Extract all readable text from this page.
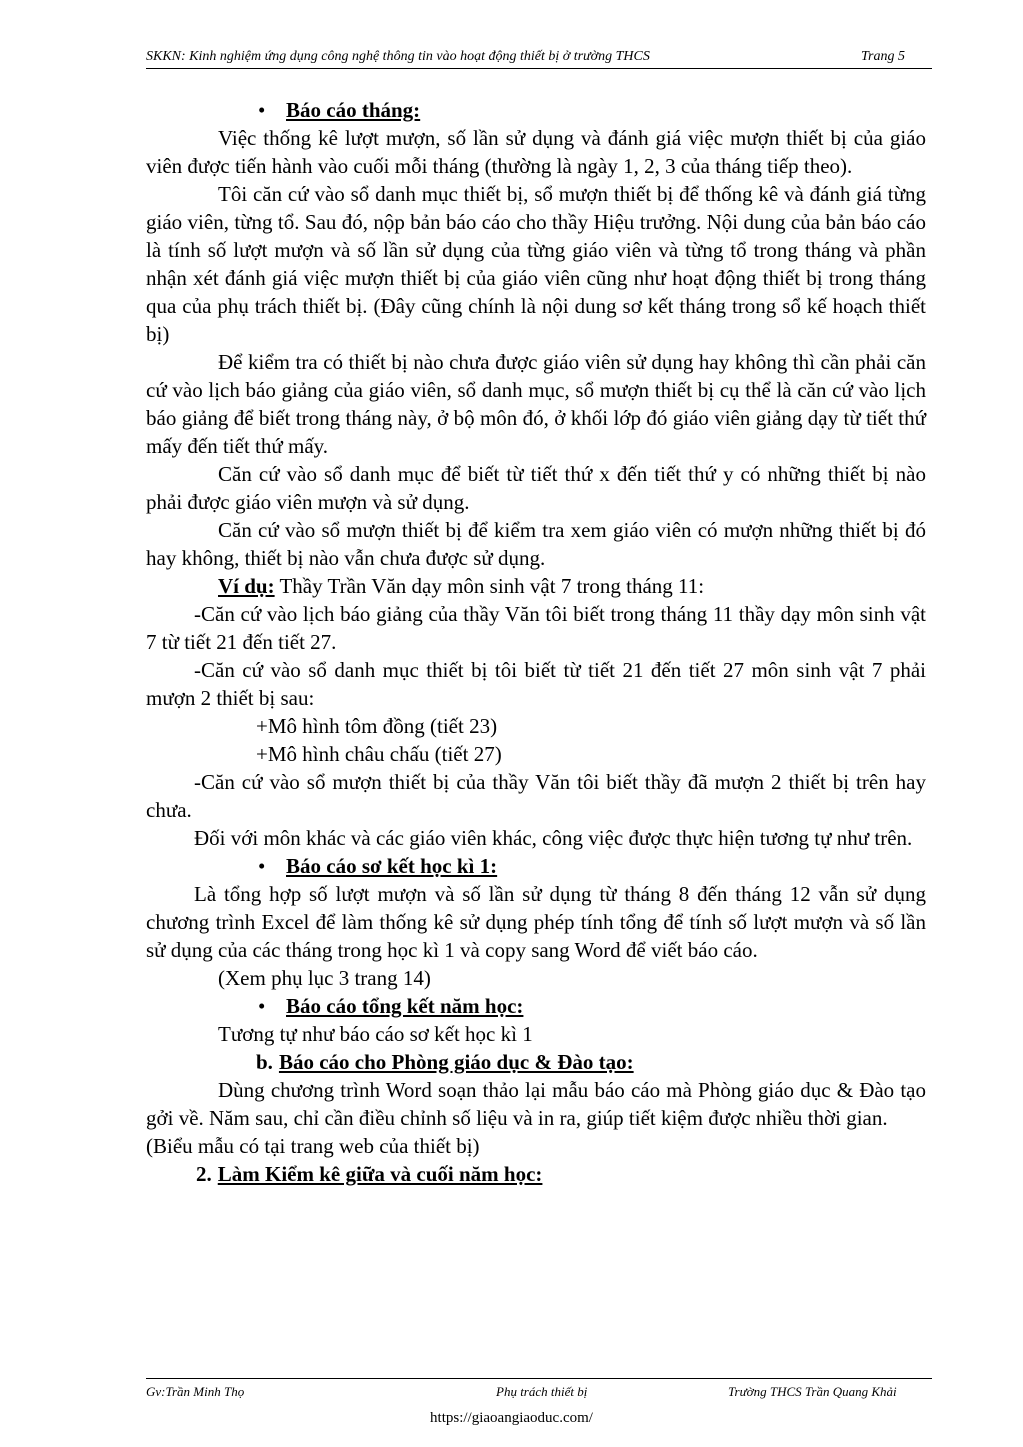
SKKN: Kinh nghiệm ứng dụng công nghệ thông tin vào hoạt động thiết bị ở trường THCS	Trang 5

• Báo cáo tháng:

Việc thống kê lượt mượn, số lần sử dụng và đánh giá việc mượn thiết bị của giáo viên được tiến hành vào cuối mỗi tháng (thường là ngày 1, 2, 3 của tháng tiếp theo).

Tôi căn cứ vào sổ danh mục thiết bị, sổ mượn thiết bị để thống kê và đánh giá từng giáo viên, từng tổ. Sau đó, nộp bản báo cáo cho thầy Hiệu trưởng. Nội dung của bản báo cáo là tính số lượt mượn và số lần sử dụng của từng giáo viên và từng tổ trong tháng và phần nhận xét đánh giá việc mượn thiết bị của giáo viên cũng như hoạt động thiết bị trong tháng qua của phụ trách thiết bị. (Đây cũng chính là nội dung sơ kết tháng trong sổ kế hoạch thiết bị)

Để kiểm tra có thiết bị nào chưa được giáo viên sử dụng hay không thì cần phải căn cứ vào lịch báo giảng của giáo viên, sổ danh mục, sổ mượn thiết bị cụ thể là căn cứ vào lịch báo giảng để biết trong tháng này, ở bộ môn đó, ở khối lớp đó giáo viên giảng dạy từ tiết thứ mấy đến tiết thứ mấy.

Căn cứ vào sổ danh mục để biết từ tiết thứ x đến tiết thứ y có những thiết bị nào phải được giáo viên mượn và sử dụng.

Căn cứ vào sổ mượn thiết bị để kiểm tra xem giáo viên có mượn những thiết bị đó hay không, thiết bị nào vẫn chưa được sử dụng.

Ví dụ: Thầy Trần Văn dạy môn sinh vật 7 trong tháng 11:

-Căn cứ vào lịch báo giảng của thầy Văn tôi biết trong tháng 11 thầy dạy môn sinh vật 7 từ tiết 21 đến tiết 27.

-Căn cứ vào sổ danh mục thiết bị tôi biết từ tiết 21 đến tiết 27 môn sinh vật 7 phải mượn 2 thiết bị sau:

+Mô hình tôm đồng (tiết 23)

+Mô hình châu chấu (tiết 27)

-Căn cứ vào sổ mượn thiết bị của thầy Văn tôi biết thầy đã mượn 2 thiết bị trên hay chưa.

Đối với môn khác và các giáo viên khác, công việc được thực hiện tương tự như trên.

• Báo cáo sơ kết học kì 1:

Là tổng hợp số lượt mượn và số lần sử dụng từ tháng 8 đến tháng 12 vẫn sử dụng chương trình Excel để làm thống kê sử dụng phép tính tổng để tính số lượt mượn và số lần sử dụng của các tháng trong học kì 1 và copy sang Word để viết báo cáo.

(Xem phụ lục 3 trang 14)

• Báo cáo tổng kết năm học:

Tương tự như báo cáo sơ kết học kì 1

b. Báo cáo cho Phòng giáo dục & Đào tạo:

Dùng chương trình Word soạn thảo lại mẫu báo cáo mà Phòng giáo dục & Đào tạo gởi về. Năm sau, chỉ cần điều chỉnh số liệu và in ra, giúp tiết kiệm được nhiều thời gian.

(Biểu mẫu có tại trang web của thiết bị)

2. Làm Kiểm kê giữa và cuối năm học:

Gv:Trần Minh Thọ	Phụ trách thiết bị	Trường THCS Trần Quang Khải
https://giaoangiaoduc.com/
